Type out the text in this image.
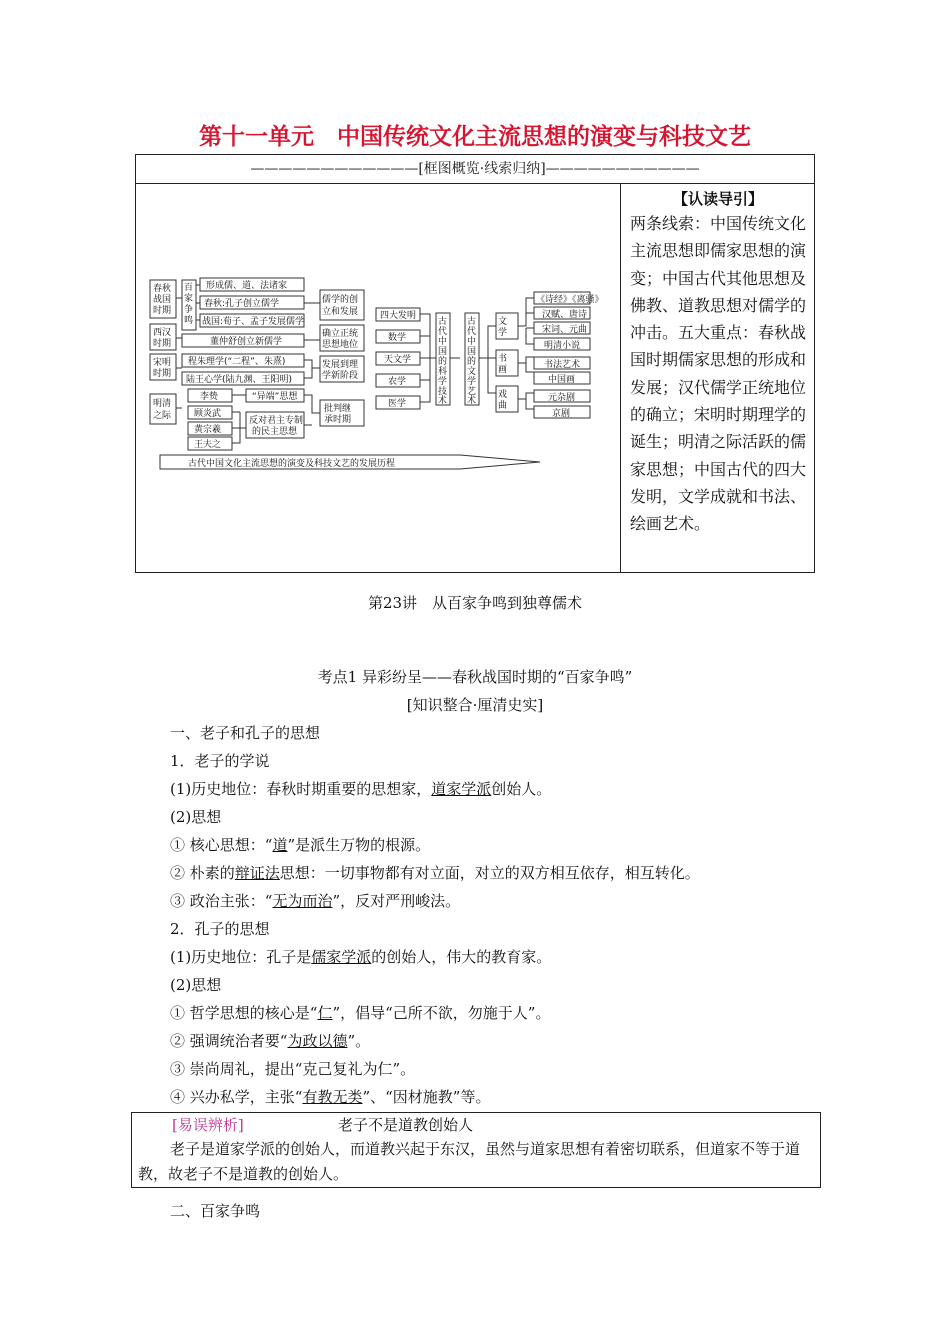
第十一单元　中国传统文化主流思想的演变与科技文艺
————————————[框图概览·线索归纳]———————————
【认读导引】
两条线索：中国传统文化主流思想即儒家思想的演变；中国古代其他思想及佛教、道教思想对儒学的冲击。五大重点：春秋战国时期儒家思想的形成和发展；汉代儒学正统地位的确立；宋明时期理学的诞生；明清之际活跃的儒家思想；中国古代的四大发明，文学成就和书法、绘画艺术。
春秋
战国
时期
西汉
时期
宋明
时期
明清
之际
百
家
争
鸣
形成儒、道、法诸家
春秋:孔子创立儒学
战国:荀子、孟子发展儒学
董仲舒创立新儒学
程朱理学(“二程”、朱熹)
陆王心学(陆九渊、王阳明)
李贽	“异端”思想
顾炎武
黄宗羲
王夫之
反对君主专制
的民主思想
儒学的创
立和发展
确立正统
思想地位
发展到理
学新阶段
批判继
承时期
四大发明
数学
天文学
农学
医学
古
代
中
国
的
科
学
技
术
古
代
中
国
的
文
学
艺
术
文
学
书
画
戏
曲
《诗经》《离骚》
汉赋、唐诗
宋词、元曲
明清小说
书法艺术
中国画
元杂剧
京剧
古代中国文化主流思想的演变及科技文艺的发展历程
第23讲　从百家争鸣到独尊儒术
考点1 异彩纷呈——春秋战国时期的“百家争鸣”
[知识整合·厘清史实]
一、老子和孔子的思想
1．老子的学说
(1)历史地位：春秋时期重要的思想家，道家学派创始人。
(2)思想
① 核心思想：“道”是派生万物的根源。
② 朴素的辩证法思想：一切事物都有对立面，对立的双方相互依存，相互转化。
③ 政治主张：“无为而治”，反对严刑峻法。
2．孔子的思想
(1)历史地位：孔子是儒家学派的创始人，伟大的教育家。
(2)思想
① 哲学思想的核心是“仁”，倡导“己所不欲，勿施于人”。
② 强调统治者要“为政以德”。
③ 崇尚周礼，提出“克己复礼为仁”。
④ 兴办私学，主张“有教无类”、“因材施教”等。
[易误辨析]	老子不是道教创始人
老子是道家学派的创始人，而道教兴起于东汉，虽然与道家思想有着密切联系，但道家不等于道教，故老子不是道教的创始人。
二、百家争鸣
